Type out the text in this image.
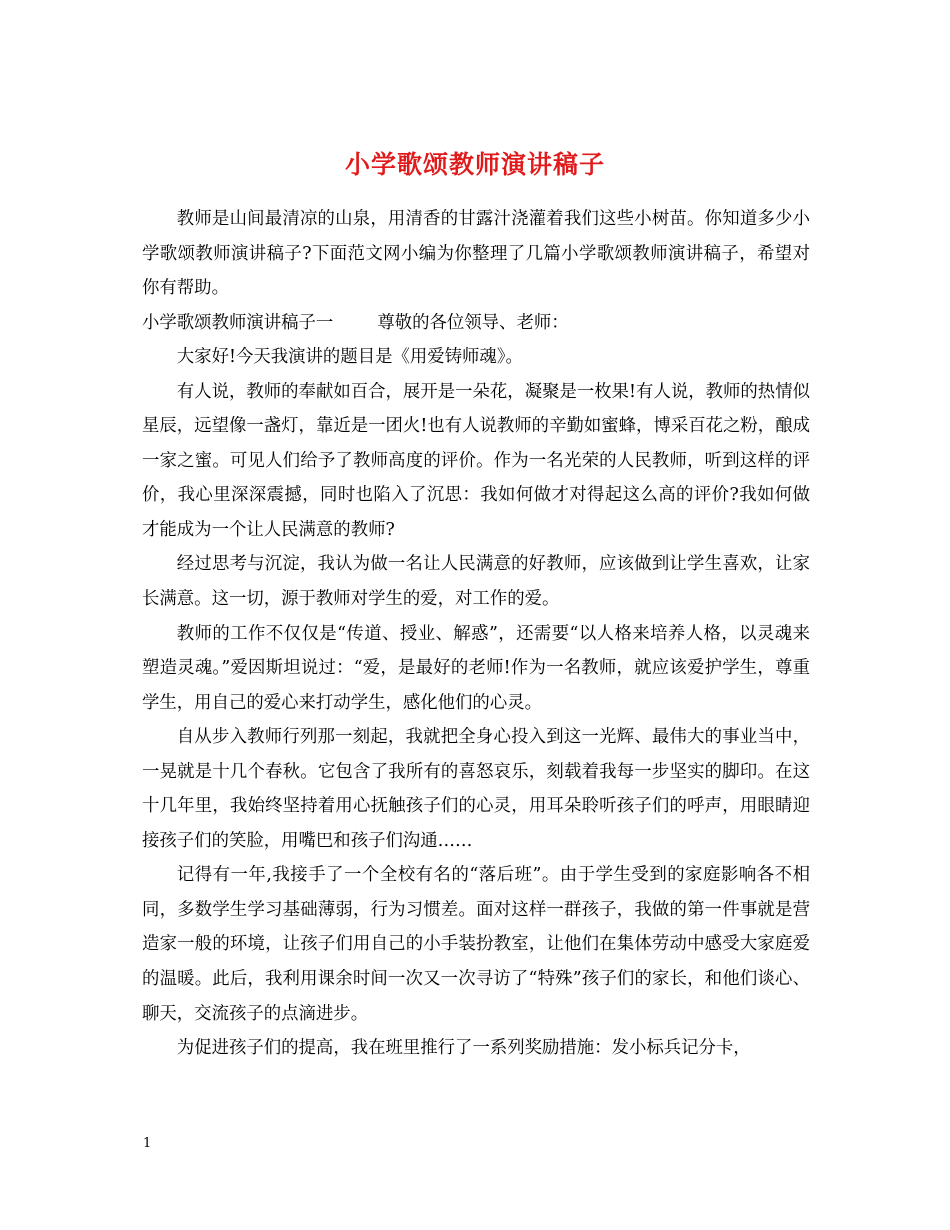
小学歌颂教师演讲稿子

教师是山间最清凉的山泉，用清香的甘露汁浇灌着我们这些小树苗。你知道多少小学歌颂教师演讲稿子?下面范文网小编为你整理了几篇小学歌颂教师演讲稿子，希望对你有帮助。

小学歌颂教师演讲稿子一	尊敬的各位领导、老师：

大家好!今天我演讲的题目是《用爱铸师魂》。

有人说，教师的奉献如百合，展开是一朵花，凝聚是一枚果!有人说，教师的热情似星辰，远望像一盏灯，靠近是一团火!也有人说教师的辛勤如蜜蜂，博采百花之粉，酿成一家之蜜。可见人们给予了教师高度的评价。作为一名光荣的人民教师，听到这样的评价，我心里深深震撼，同时也陷入了沉思：我如何做才对得起这么高的评价?我如何做才能成为一个让人民满意的教师?

经过思考与沉淀，我认为做一名让人民满意的好教师，应该做到让学生喜欢，让家长满意。这一切，源于教师对学生的爱，对工作的爱。

教师的工作不仅仅是“传道、授业、解惑”，还需要“以人格来培养人格，以灵魂来塑造灵魂。”爱因斯坦说过：“爱，是最好的老师!作为一名教师，就应该爱护学生，尊重学生，用自己的爱心来打动学生，感化他们的心灵。

自从步入教师行列那一刻起，我就把全身心投入到这一光辉、最伟大的事业当中，一晃就是十几个春秋。它包含了我所有的喜怒哀乐，刻载着我每一步坚实的脚印。在这十几年里，我始终坚持着用心抚触孩子们的心灵，用耳朵聆听孩子们的呼声，用眼睛迎接孩子们的笑脸，用嘴巴和孩子们沟通……

记得有一年,我接手了一个全校有名的“落后班”。由于学生受到的家庭影响各不相同，多数学生学习基础薄弱，行为习惯差。面对这样一群孩子，我做的第一件事就是营造家一般的环境，让孩子们用自己的小手装扮教室，让他们在集体劳动中感受大家庭爱的温暖。此后，我利用课余时间一次又一次寻访了“特殊”孩子们的家长，和他们谈心、聊天，交流孩子的点滴进步。

为促进孩子们的提高，我在班里推行了一系列奖励措施：发小标兵记分卡，

1
